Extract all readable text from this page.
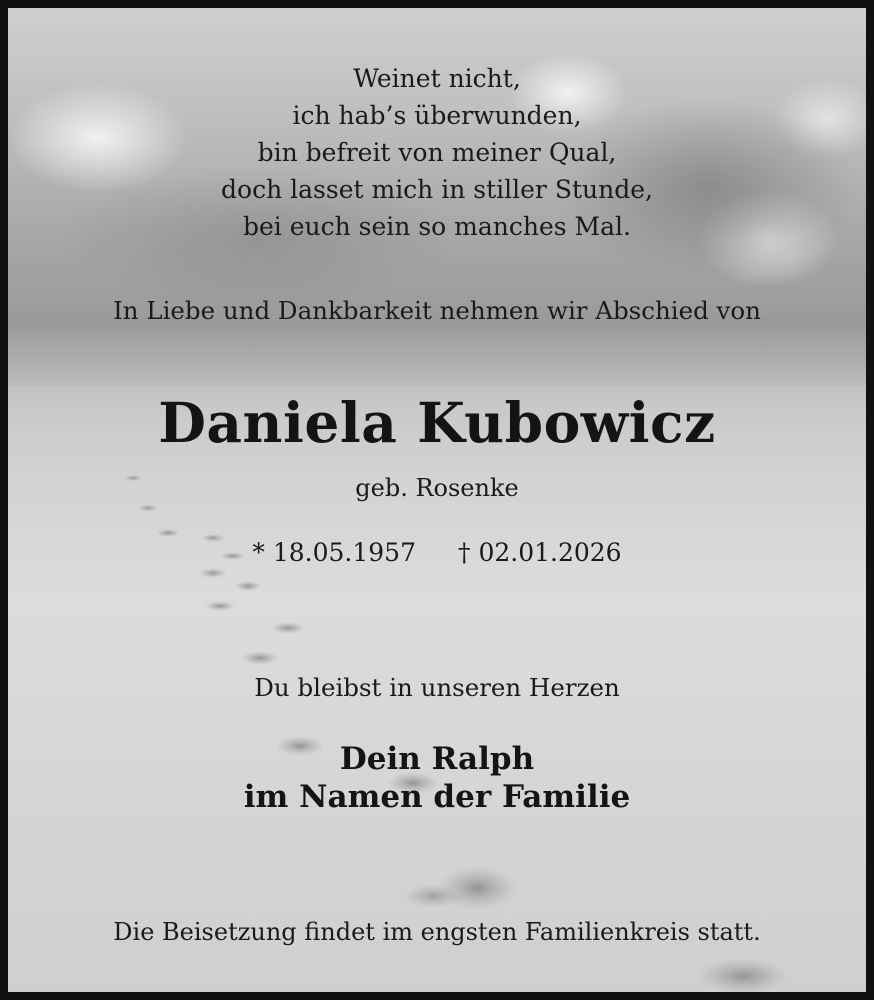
Weinet nicht,
ich hab’s überwunden,
bin befreit von meiner Qual,
doch lasset mich in stiller Stunde,
bei euch sein so manches Mal.

In Liebe und Dankbarkeit nehmen wir Abschied von

Daniela Kubowicz

geb. Rosenke

* 18.05.1957 † 02.01.2026

Du bleibst in unseren Herzen

Dein Ralph
im Namen der Familie

Die Beisetzung findet im engsten Familienkreis statt.
